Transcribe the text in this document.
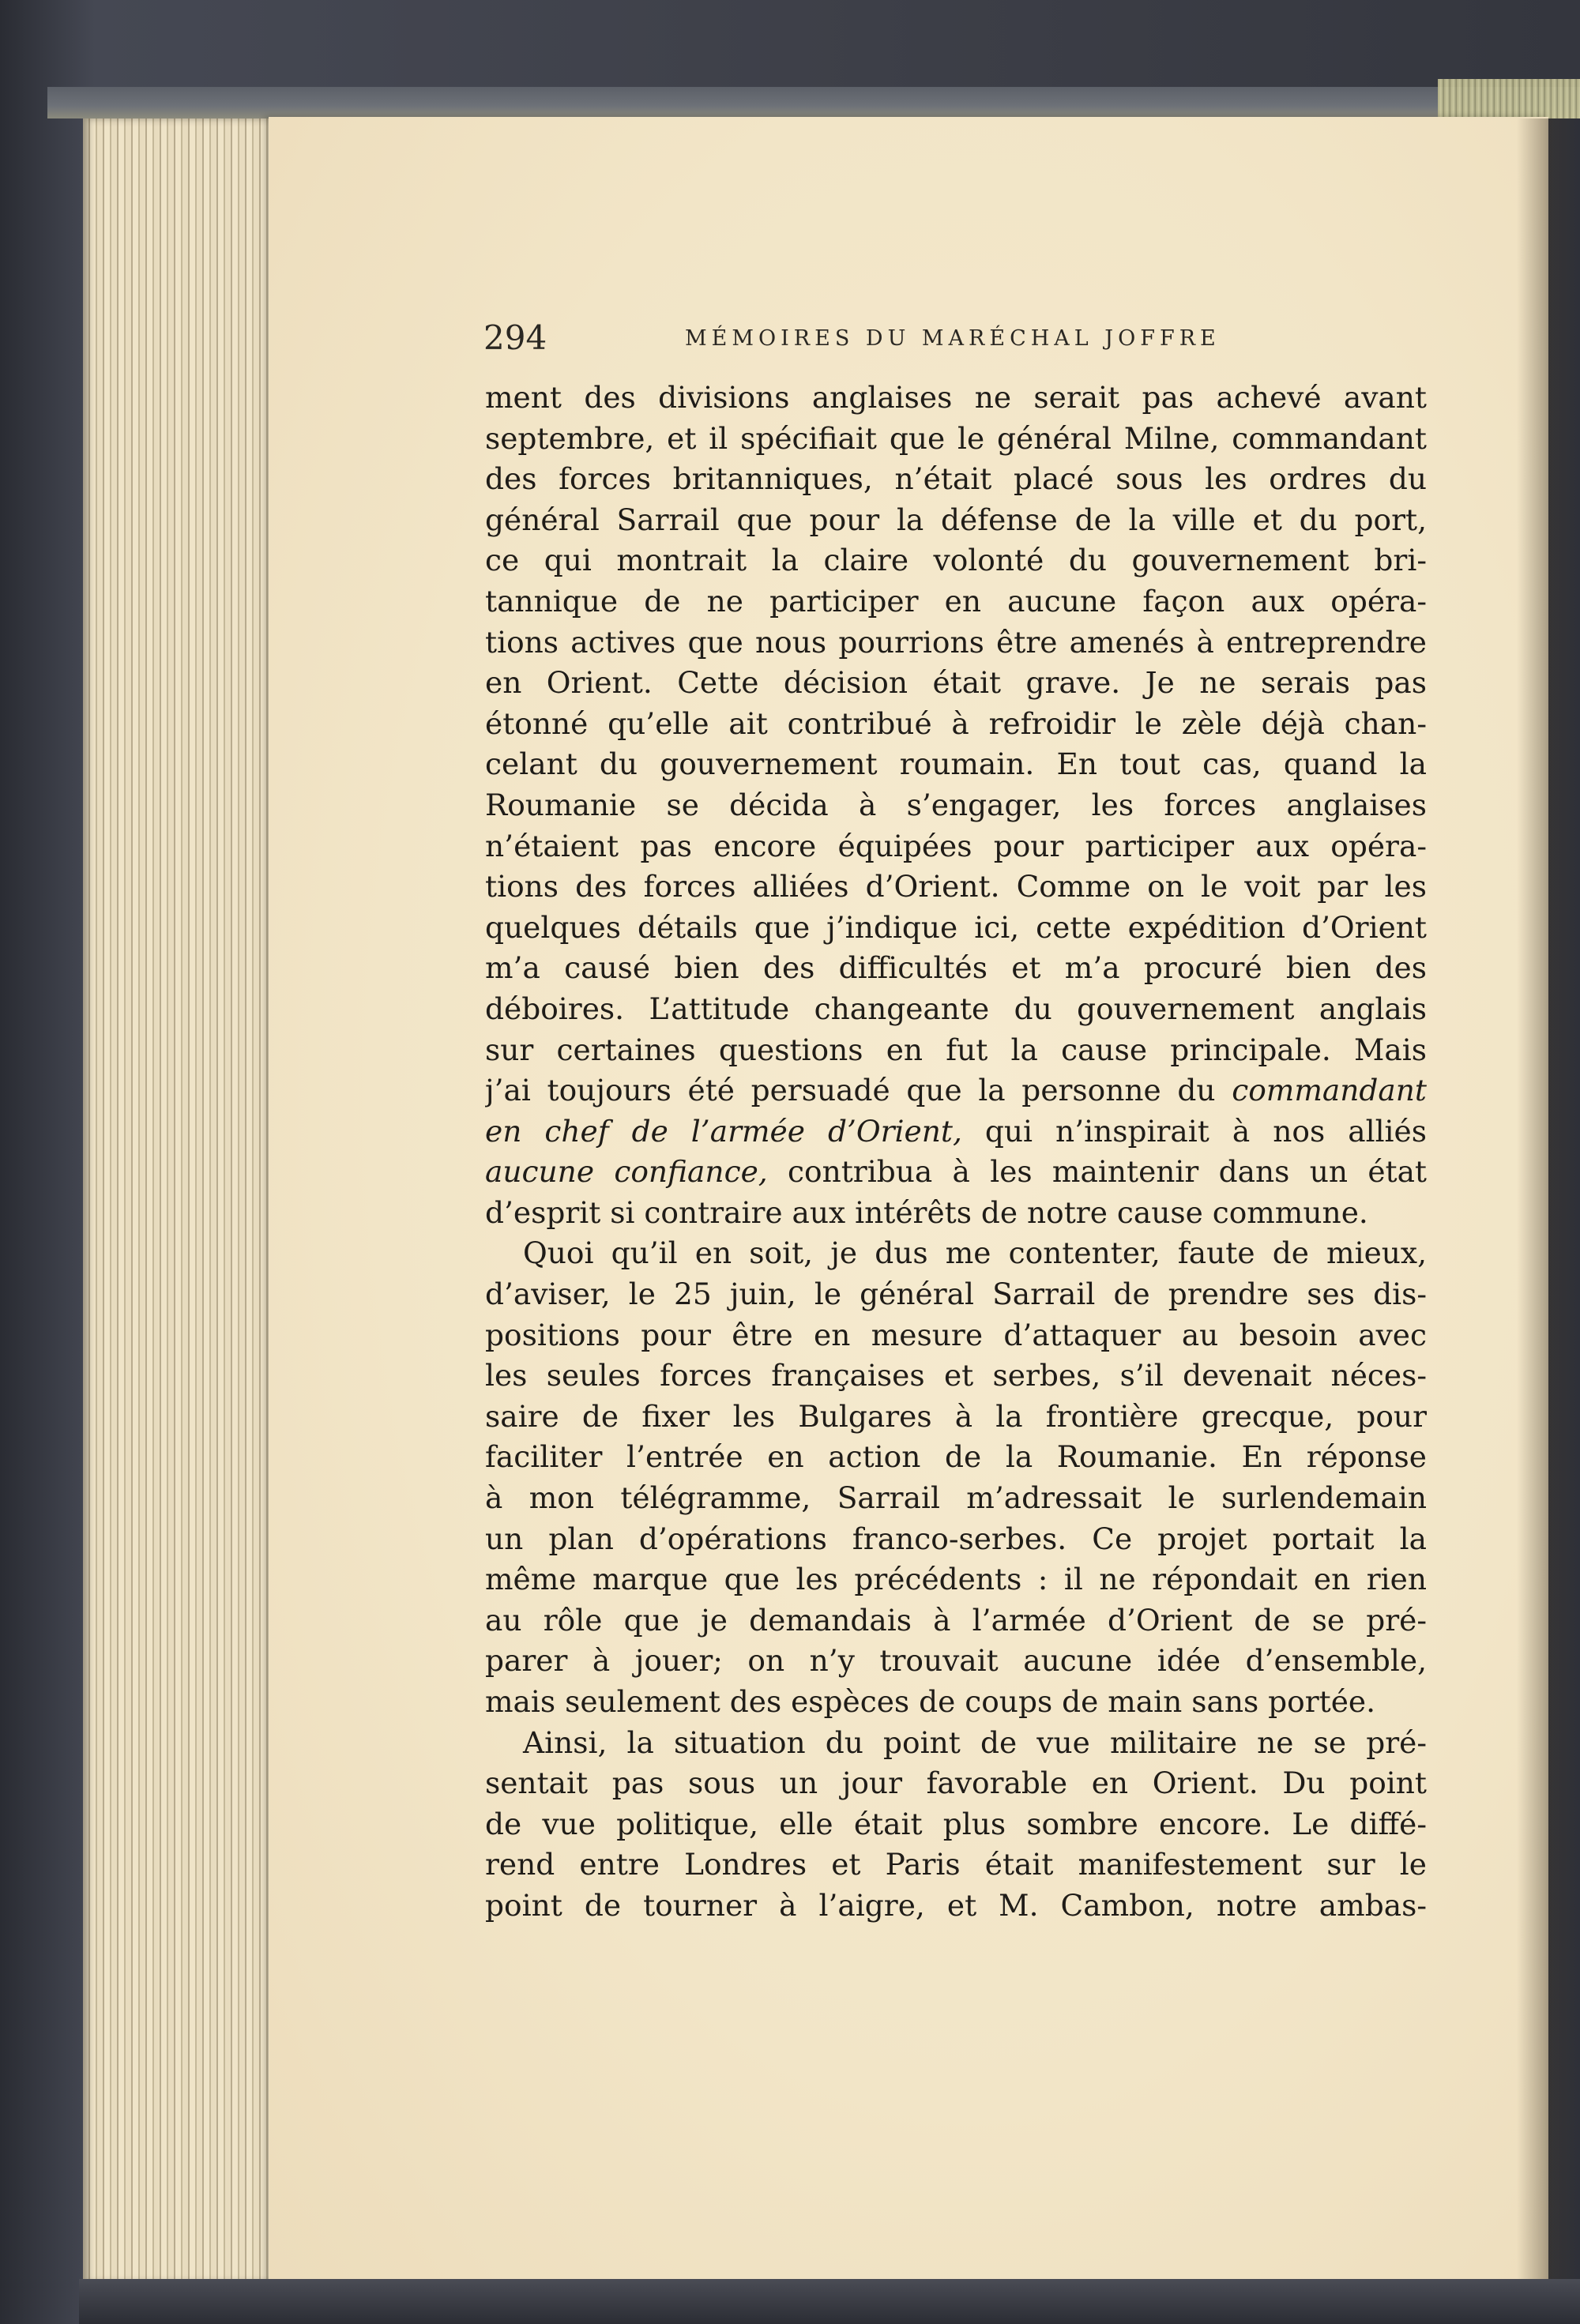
294	MÉMOIRES DU MARÉCHAL JOFFRE
ment des divisions anglaises ne serait pas achevé avant
septembre, et il spécifiait que le général Milne, commandant
des forces britanniques, n’était placé sous les ordres du
général Sarrail que pour la défense de la ville et du port,
ce qui montrait la claire volonté du gouvernement bri-
tannique de ne participer en aucune façon aux opéra-
tions actives que nous pourrions être amenés à entreprendre
en Orient. Cette décision était grave. Je ne serais pas
étonné qu’elle ait contribué à refroidir le zèle déjà chan-
celant du gouvernement roumain. En tout cas, quand la
Roumanie se décida à s’engager, les forces anglaises
n’étaient pas encore équipées pour participer aux opéra-
tions des forces alliées d’Orient. Comme on le voit par les
quelques détails que j’indique ici, cette expédition d’Orient
m’a causé bien des difficultés et m’a procuré bien des
déboires. L’attitude changeante du gouvernement anglais
sur certaines questions en fut la cause principale. Mais
j’ai toujours été persuadé que la personne du commandant
en chef de l’armée d’Orient, qui n’inspirait à nos alliés
aucune confiance, contribua à les maintenir dans un état
d’esprit si contraire aux intérêts de notre cause commune.
Quoi qu’il en soit, je dus me contenter, faute de mieux,
d’aviser, le 25 juin, le général Sarrail de prendre ses dis-
positions pour être en mesure d’attaquer au besoin avec
les seules forces françaises et serbes, s’il devenait néces-
saire de fixer les Bulgares à la frontière grecque, pour
faciliter l’entrée en action de la Roumanie. En réponse
à mon télégramme, Sarrail m’adressait le surlendemain
un plan d’opérations franco-serbes. Ce projet portait la
même marque que les précédents : il ne répondait en rien
au rôle que je demandais à l’armée d’Orient de se pré-
parer à jouer; on n’y trouvait aucune idée d’ensemble,
mais seulement des espèces de coups de main sans portée.
Ainsi, la situation du point de vue militaire ne se pré-
sentait pas sous un jour favorable en Orient. Du point
de vue politique, elle était plus sombre encore. Le diffé-
rend entre Londres et Paris était manifestement sur le
point de tourner à l’aigre, et M. Cambon, notre ambas-
